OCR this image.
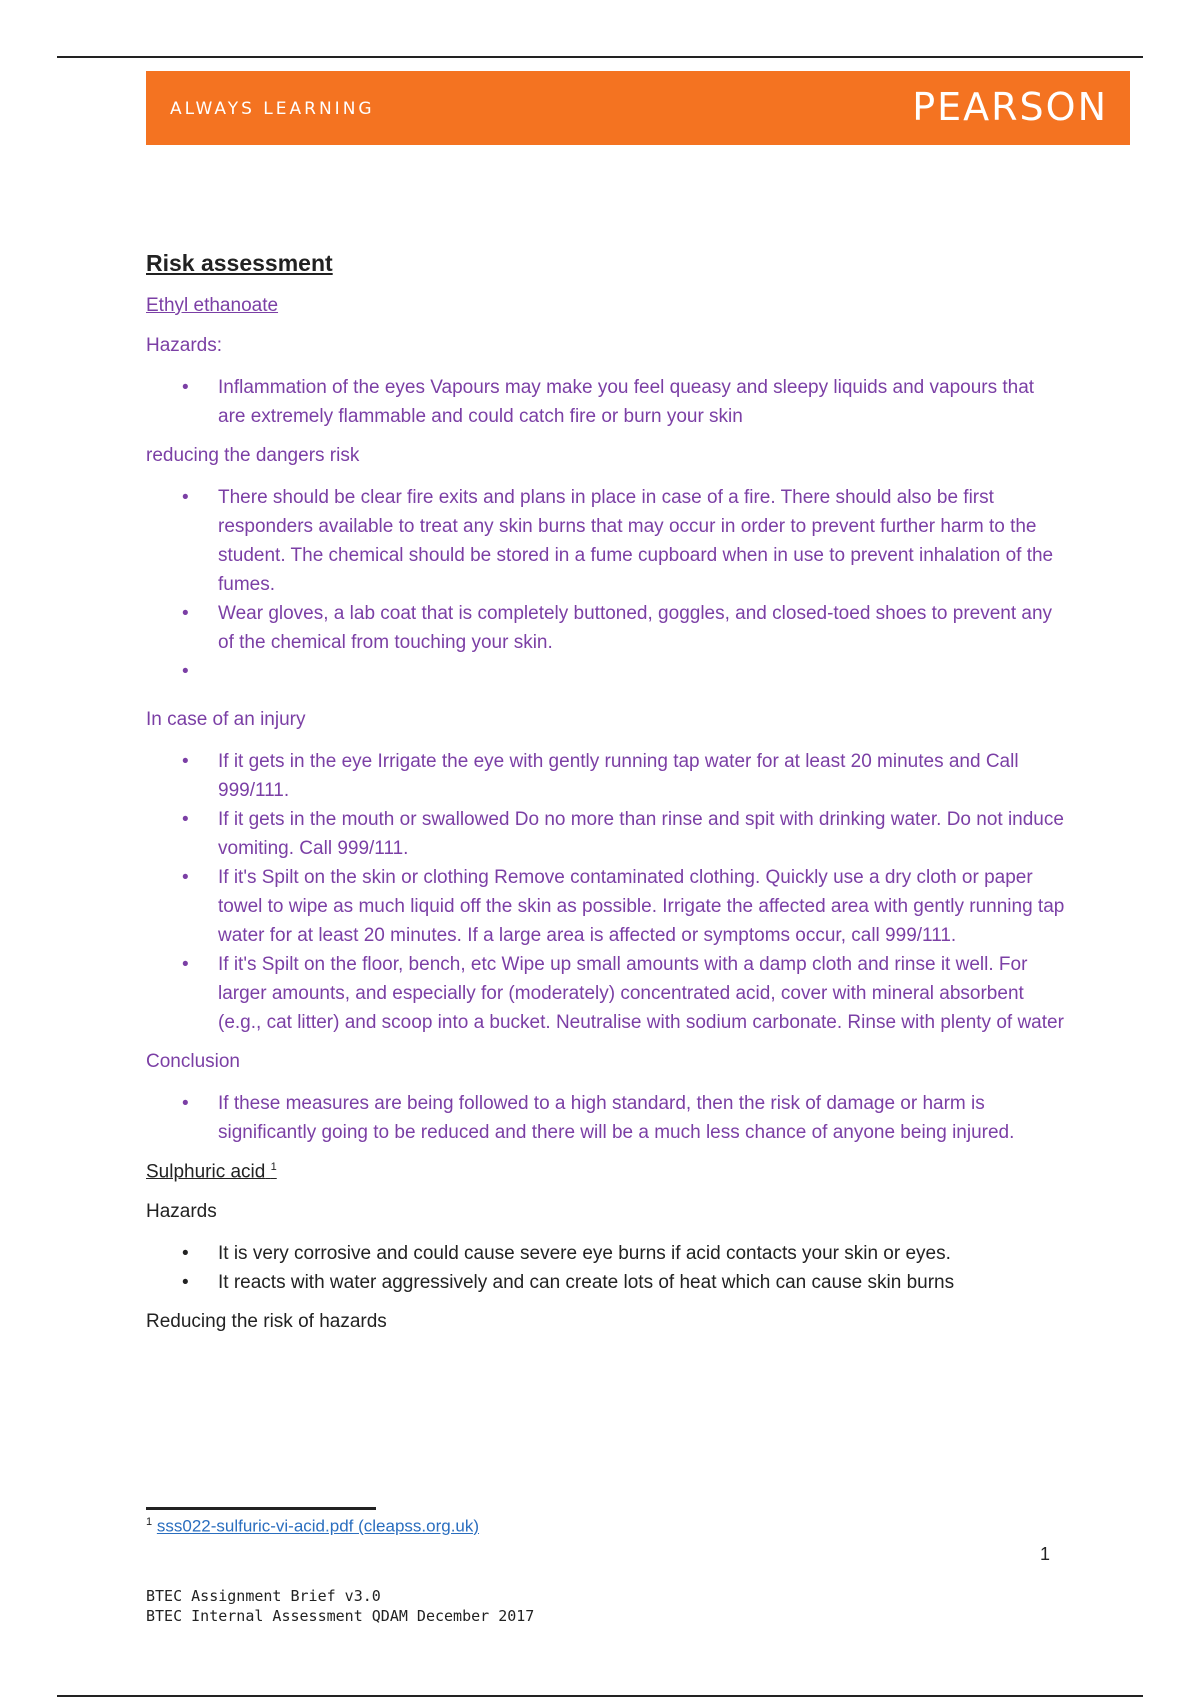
ALWAYS LEARNING	PEARSON
Risk assessment
Ethyl ethanoate
Hazards:
• Inflammation of the eyes Vapours may make you feel queasy and sleepy liquids and vapours that are extremely flammable and could catch fire or burn your skin
reducing the dangers risk
• There should be clear fire exits and plans in place in case of a fire. There should also be first responders available to treat any skin burns that may occur in order to prevent further harm to the student. The chemical should be stored in a fume cupboard when in use to prevent inhalation of the fumes.
• Wear gloves, a lab coat that is completely buttoned, goggles, and closed-toed shoes to prevent any of the chemical from touching your skin.
•
In case of an injury
• If it gets in the eye Irrigate the eye with gently running tap water for at least 20 minutes and Call 999/111.
• If it gets in the mouth or swallowed Do no more than rinse and spit with drinking water. Do not induce vomiting. Call 999/111.
• If it's Spilt on the skin or clothing Remove contaminated clothing. Quickly use a dry cloth or paper towel to wipe as much liquid off the skin as possible. Irrigate the affected area with gently running tap water for at least 20 minutes. If a large area is affected or symptoms occur, call 999/111.
• If it's Spilt on the floor, bench, etc Wipe up small amounts with a damp cloth and rinse it well. For larger amounts, and especially for (moderately) concentrated acid, cover with mineral absorbent (e.g., cat litter) and scoop into a bucket. Neutralise with sodium carbonate. Rinse with plenty of water
Conclusion
• If these measures are being followed to a high standard, then the risk of damage or harm is significantly going to be reduced and there will be a much less chance of anyone being injured.
Sulphuric acid $^1$
Hazards
• It is very corrosive and could cause severe eye burns if acid contacts your skin or eyes.
• It reacts with water aggressively and can create lots of heat which can cause skin burns
Reducing the risk of hazards
$^1$ sss022-sulfuric-vi-acid.pdf (cleapss.org.uk)
1
BTEC Assignment Brief v3.0
BTEC Internal Assessment QDAM December 2017
